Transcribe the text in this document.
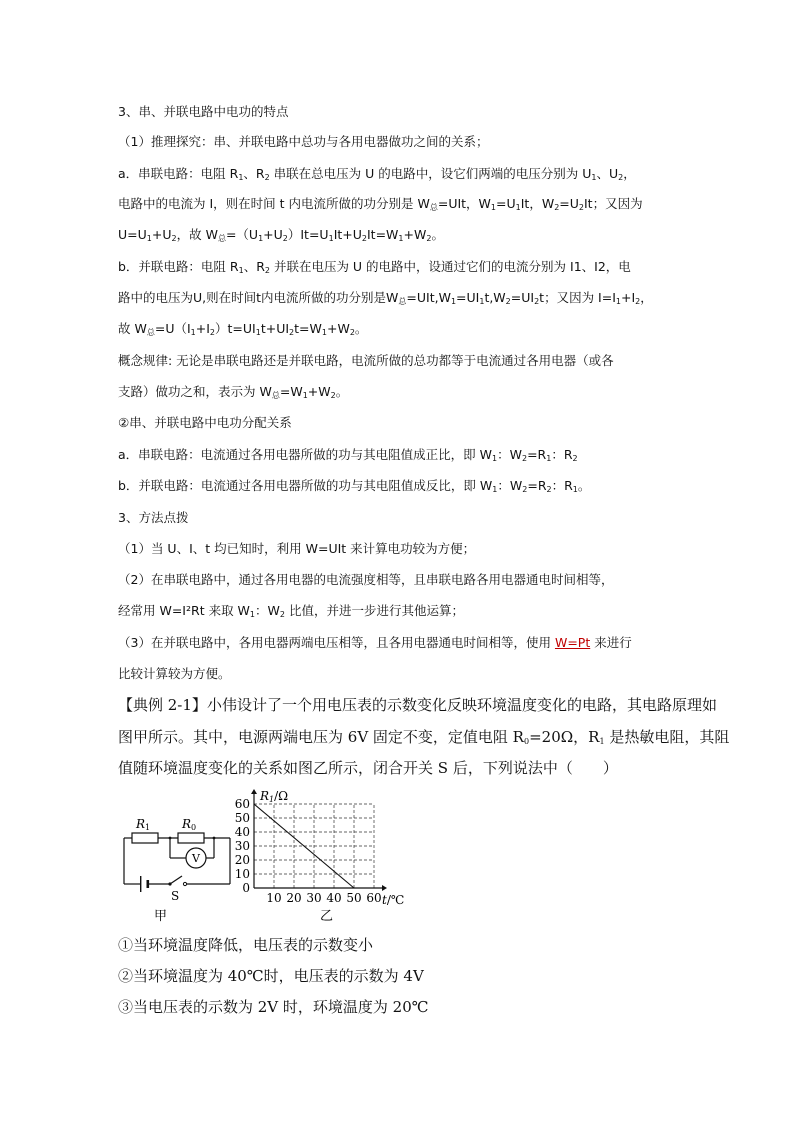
3、串、并联电路中电功的特点
（1）推理探究：串、并联电路中总功与各用电器做功之间的关系；
a．串联电路：电阻 $R_1$、$R_2$ 串联在总电压为 U 的电路中，设它们两端的电压分别为 $U_1$、$U_2$，
电路中的电流为 I，则在时间 t 内电流所做的功分别是 $W_总=UIt$，$W_1=U_1It$，$W_2=U_2It$；又因为
$U=U_1+U_2$，故 $W_总=(U_1+U_2)It=U_1It+U_2It=W_1+W_2$。
b．并联电路：电阻 $R_1$、$R_2$ 并联在电压为 U 的电路中，设通过它们的电流分别为 I1、I2，电
路中的电压为U,则在时间t内电流所做的功分别是$W_总=UIt,W_1=UI_1t,W_2=UI_2t$；又因为 $I=I_1+I_2$，
故 $W_总=U(I_1+I_2)t=UI_1t+UI_2t=W_1+W_2$。
概念规律: 无论是串联电路还是并联电路，电流所做的总功都等于电流通过各用电器（或各
支路）做功之和，表示为 $W_总=W_1+W_2$。
②串、并联电路中电功分配关系
a．串联电路：电流通过各用电器所做的功与其电阻值成正比，即 $W_1$：$W_2=R_1$：$R_2$
b．并联电路：电流通过各用电器所做的功与其电阻值成反比，即 $W_1$：$W_2=R_2$：$R_1$。
3、方法点拨
（1）当 U、I、t 均已知时，利用 W=UIt 来计算电功较为方便；
（2）在串联电路中，通过各用电器的电流强度相等，且串联电路各用电器通电时间相等，
经常用 W=I²Rt 来取 $W_1$：$W_2$ 比值，并进一步进行其他运算；
（3）在并联电路中，各用电器两端电压相等，且各用电器通电时间相等，使用 W=Pt 来进行
比较计算较为方便。
【典例 2-1】小伟设计了一个用电压表的示数变化反映环境温度变化的电路，其电路原理如
图甲所示。其中，电源两端电压为 6V 固定不变，定值电阻 $R_0=20\Omega$，$R_1$ 是热敏电阻，其阻
值随环境温度变化的关系如图乙所示，闭合开关 S 后，下列说法中（　　）
R1	R0
V
S
甲
10 20 30 40 50 60
0
10
20
30
40
50
60
R1/Ω
t/℃
乙
①当环境温度降低，电压表的示数变小
②当环境温度为 40℃时，电压表的示数为 4V
③当电压表的示数为 2V 时，环境温度为 20℃
